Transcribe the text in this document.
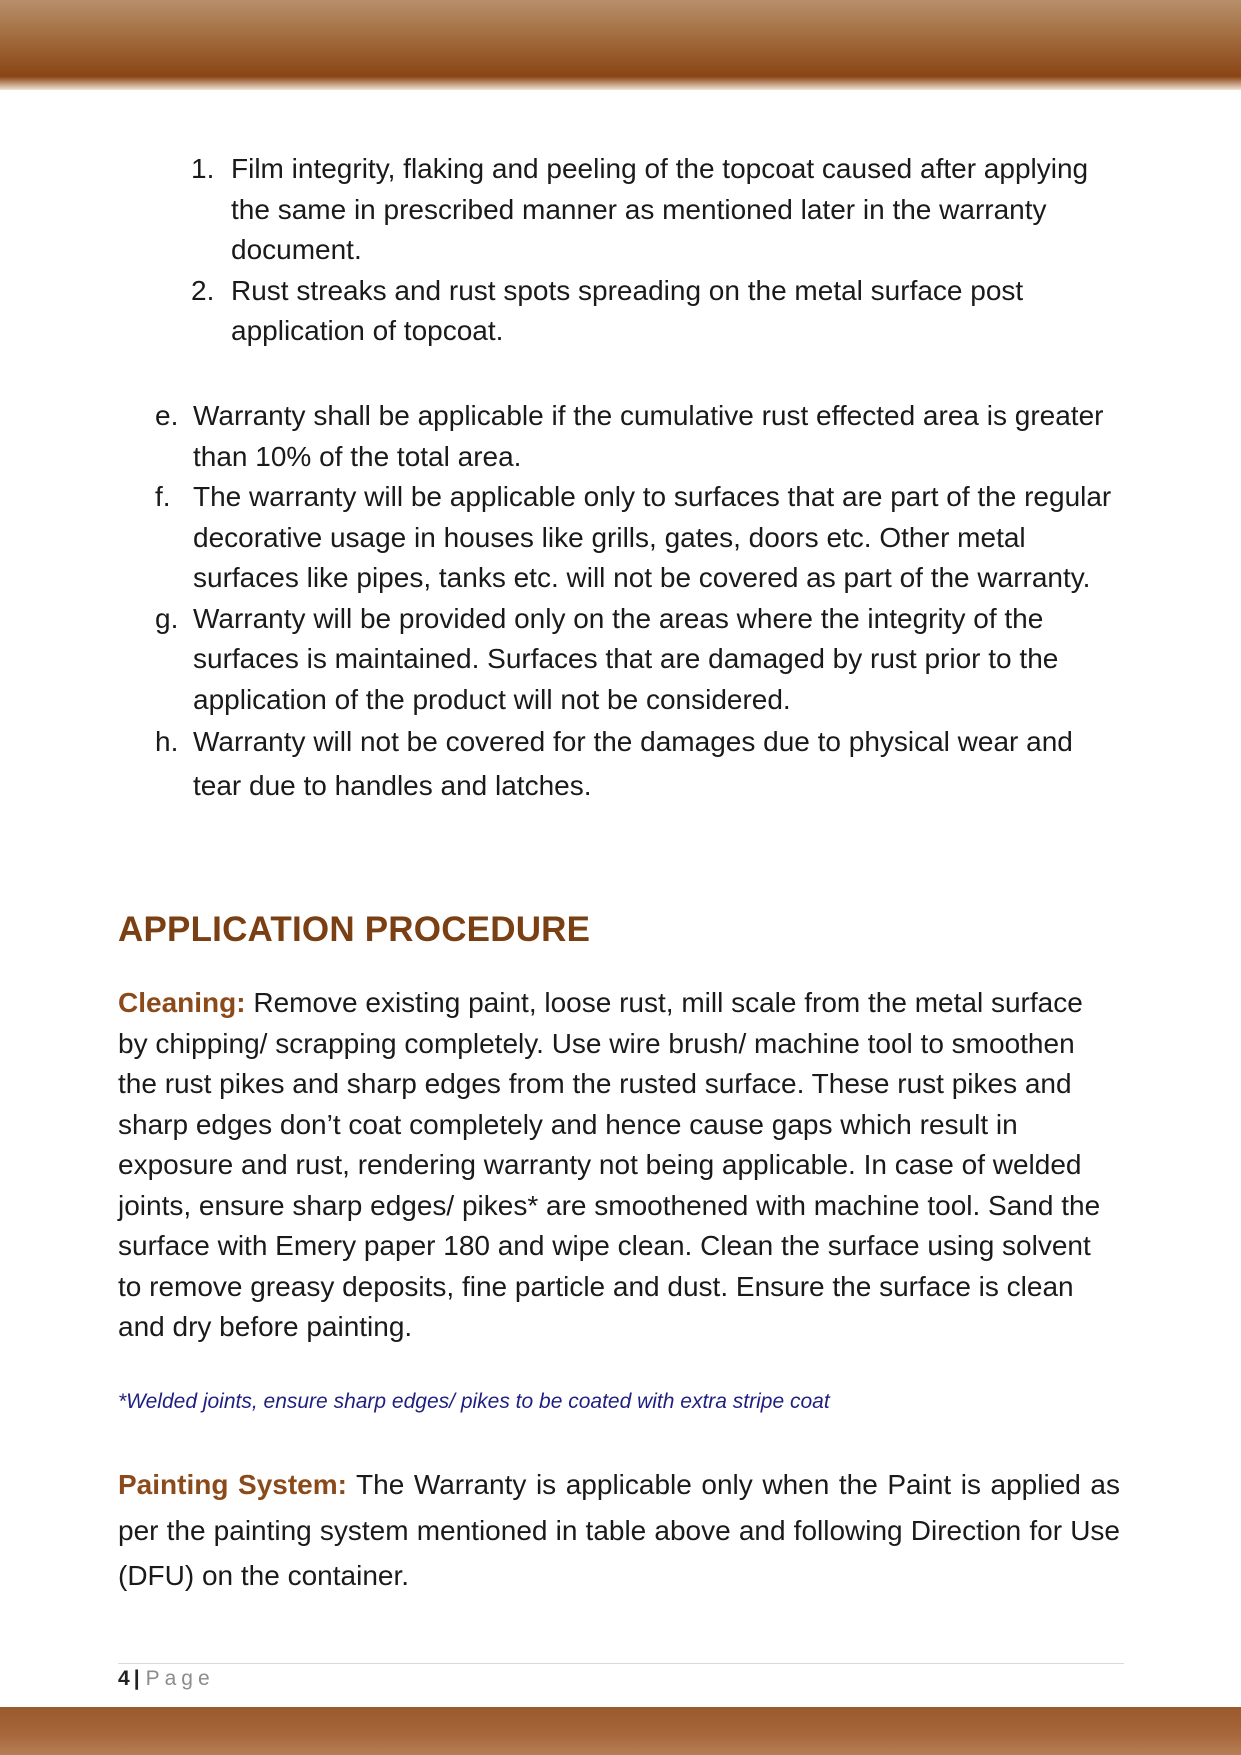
1. Film integrity, flaking and peeling of the topcoat caused after applying the same in prescribed manner as mentioned later in the warranty document.
2. Rust streaks and rust spots spreading on the metal surface post application of topcoat.
e. Warranty shall be applicable if the cumulative rust effected area is greater than 10% of the total area.
f. The warranty will be applicable only to surfaces that are part of the regular decorative usage in houses like grills, gates, doors etc. Other metal surfaces like pipes, tanks etc. will not be covered as part of the warranty.
g. Warranty will be provided only on the areas where the integrity of the surfaces is maintained. Surfaces that are damaged by rust prior to the application of the product will not be considered.
h. Warranty will not be covered for the damages due to physical wear and tear due to handles and latches.
APPLICATION PROCEDURE

Cleaning: Remove existing paint, loose rust, mill scale from the metal surface by chipping/ scrapping completely. Use wire brush/ machine tool to smoothen the rust pikes and sharp edges from the rusted surface. These rust pikes and sharp edges don’t coat completely and hence cause gaps which result in exposure and rust, rendering warranty not being applicable. In case of welded joints, ensure sharp edges/ pikes* are smoothened with machine tool. Sand the surface with Emery paper 180 and wipe clean. Clean the surface using solvent to remove greasy deposits, fine particle and dust. Ensure the surface is clean and dry before painting.

*Welded joints, ensure sharp edges/ pikes to be coated with extra stripe coat

Painting System: The Warranty is applicable only when the Paint is applied as per the painting system mentioned in table above and following Direction for Use (DFU) on the container.

4 | Page
